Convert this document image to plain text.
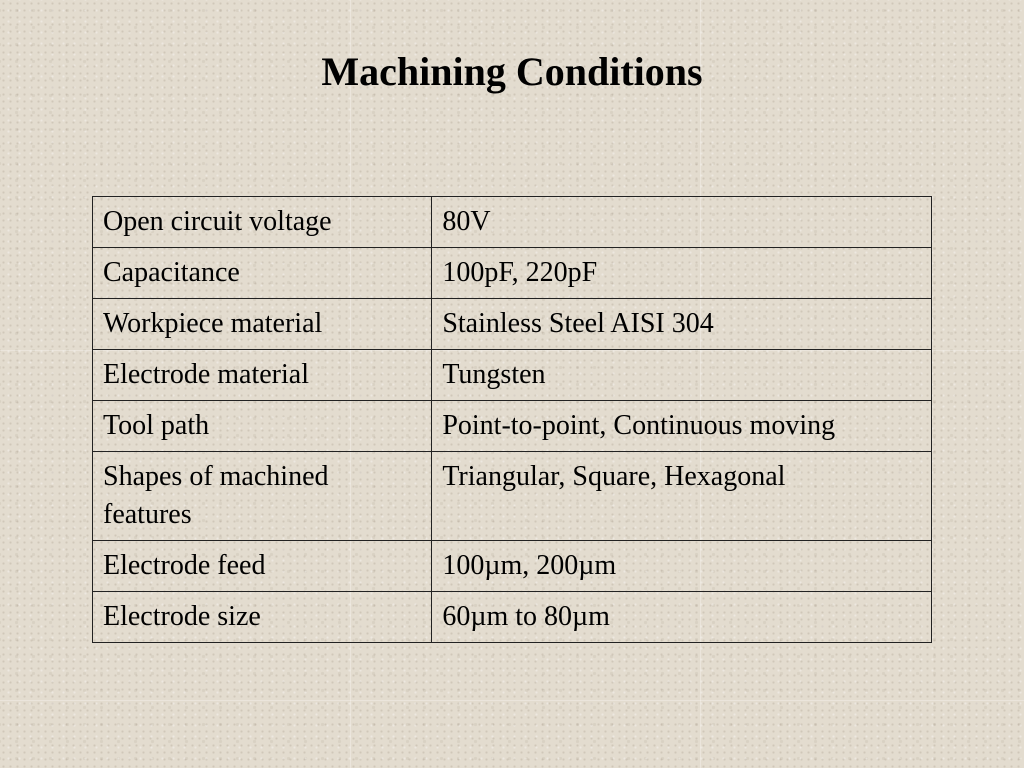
Machining Conditions
Open circuit voltage	80V
Capacitance	100pF, 220pF
Workpiece material	Stainless Steel AISI 304
Electrode material	Tungsten
Tool path	Point-to-point, Continuous moving
Shapes of machined features	Triangular, Square, Hexagonal
Electrode feed	100µm, 200µm
Electrode size	60µm to 80µm
